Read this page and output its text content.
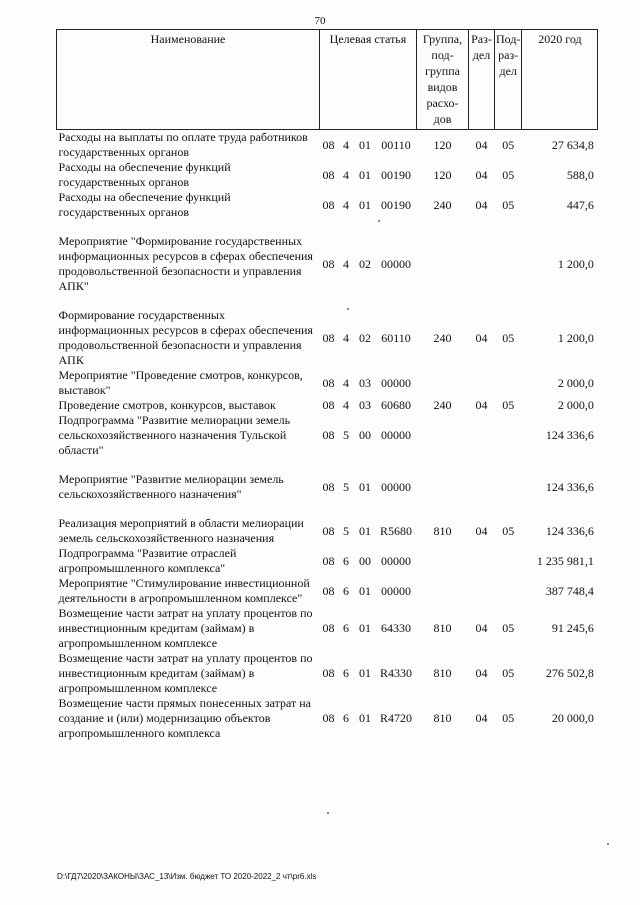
70
Наименование	Целевая статья				Группа, под-группа видов расхо-дов	Раз-дел	Под-раз-дел	2020 год
Расходы на выплаты по оплате труда работников государственных органов	08	4	01	00110	120	04	05	27 634,8
Расходы на обеспечение функций государственных органов	08	4	01	00190	120	04	05	588,0
Расходы на обеспечение функций государственных органов	08	4	01	00190	240	04	05	447,6

Мероприятие "Формирование государственных информационных ресурсов в сферах обеспечения продовольственной безопасности и управления АПК"	08	4	02	00000				1 200,0

Формирование государственных информационных ресурсов в сферах обеспечения продовольственной безопасности и управления АПК	08	4	02	60110	240	04	05	1 200,0
Мероприятие "Проведение смотров, конкурсов, выставок"	08	4	03	00000				2 000,0
Проведение смотров, конкурсов, выставок	08	4	03	60680	240	04	05	2 000,0
Подпрограмма "Развитие мелиорации земель сельскохозяйственного назначения Тульской области"	08	5	00	00000				124 336,6

Мероприятие "Развитие мелиорации земель сельскохозяйственного назначения"	08	5	01	00000				124 336,6

Реализация мероприятий в области мелиорации земель сельскохозяйственного назначения	08	5	01	R5680	810	04	05	124 336,6
Подпрограмма "Развитие отраслей агропромышленного комплекса"	08	6	00	00000				1 235 981,1
Мероприятие "Стимулирование инвестиционной деятельности в агропромышленном комплексе"	08	6	01	00000				387 748,4
Возмещение части затрат на уплату процентов по инвестиционным кредитам (займам) в агропромышленном комплексе	08	6	01	64330	810	04	05	91 245,6
Возмещение части затрат на уплату процентов по инвестиционным кредитам (займам) в агропромышленном комплексе	08	6	01	R4330	810	04	05	276 502,8
Возмещение части прямых понесенных затрат на создание и (или) модернизацию объектов агропромышленного комплекса	08	6	01	R4720	810	04	05	20 000,0
D:\ГД7\2020\ЗАКОНЫ\ЗАС_13\Изм. бюджет ТО 2020-2022_2 чт\pr6.xls
